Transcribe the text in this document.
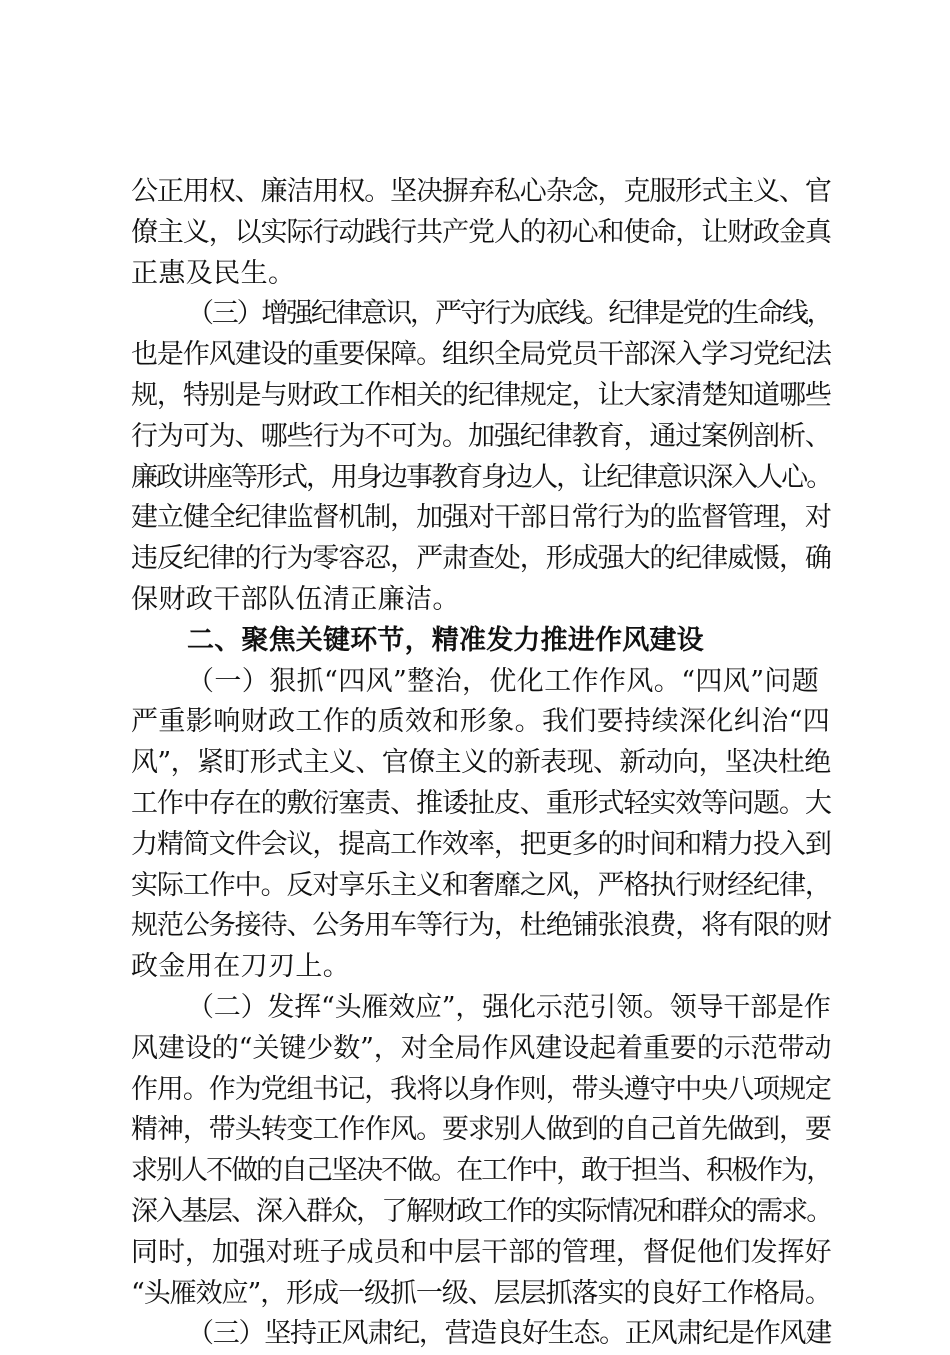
公正用权、廉洁用权。坚决摒弃私心杂念，克服形式主义、官
僚主义，以实际行动践行共产党人的初心和使命，让财政金真
正惠及民生。
（三）增强纪律意识，严守行为底线。纪律是党的生命线，
也是作风建设的重要保障。组织全局党员干部深入学习党纪法
规，特别是与财政工作相关的纪律规定，让大家清楚知道哪些
行为可为、哪些行为不可为。加强纪律教育，通过案例剖析、
廉政讲座等形式，用身边事教育身边人，让纪律意识深入人心。
建立健全纪律监督机制，加强对干部日常行为的监督管理，对
违反纪律的行为零容忍，严肃查处，形成强大的纪律威慑，确
保财政干部队伍清正廉洁。
二、聚焦关键环节，精准发力推进作风建设
（一）狠抓“四风”整治，优化工作作风。“四风”问题
严重影响财政工作的质效和形象。我们要持续深化纠治“四
风”，紧盯形式主义、官僚主义的新表现、新动向，坚决杜绝
工作中存在的敷衍塞责、推诿扯皮、重形式轻实效等问题。大
力精简文件会议，提高工作效率，把更多的时间和精力投入到
实际工作中。反对享乐主义和奢靡之风，严格执行财经纪律，
规范公务接待、公务用车等行为，杜绝铺张浪费，将有限的财
政金用在刀刃上。
（二）发挥“头雁效应”，强化示范引领。领导干部是作
风建设的“关键少数”，对全局作风建设起着重要的示范带动
作用。作为党组书记，我将以身作则，带头遵守中央八项规定
精神，带头转变工作作风。要求别人做到的自己首先做到，要
求别人不做的自己坚决不做。在工作中，敢于担当、积极作为，
深入基层、深入群众，了解财政工作的实际情况和群众的需求。
同时，加强对班子成员和中层干部的管理，督促他们发挥好
“头雁效应”，形成一级抓一级、层层抓落实的良好工作格局。
（三）坚持正风肃纪，营造良好生态。正风肃纪是作风建
